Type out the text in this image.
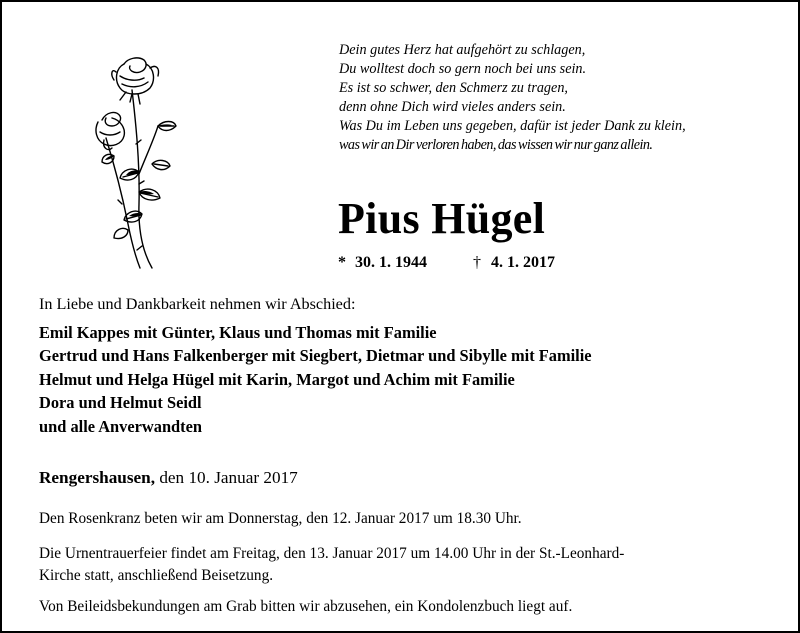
Dein gutes Herz hat aufgehört zu schlagen,
Du wolltest doch so gern noch bei uns sein.
Es ist so schwer, den Schmerz zu tragen,
denn ohne Dich wird vieles anders sein.
Was Du im Leben uns gegeben, dafür ist jeder Dank zu klein,
was wir an Dir verloren haben, das wissen wir nur ganz allein.
Pius Hügel
* 30. 1. 1944	† 4. 1. 2017
In Liebe und Dankbarkeit nehmen wir Abschied:
Emil Kappes mit Günter, Klaus und Thomas mit Familie
Gertrud und Hans Falkenberger mit Siegbert, Dietmar und Sibylle mit Familie
Helmut und Helga Hügel mit Karin, Margot und Achim mit Familie
Dora und Helmut Seidl
und alle Anverwandten
Rengershausen, den 10. Januar 2017
Den Rosenkranz beten wir am Donnerstag, den 12. Januar 2017 um 18.30 Uhr.
Die Urnentrauerfeier findet am Freitag, den 13. Januar 2017 um 14.00 Uhr in der St.-Leonhard-
Kirche statt, anschließend Beisetzung.
Von Beileidsbekundungen am Grab bitten wir abzusehen, ein Kondolenzbuch liegt auf.
